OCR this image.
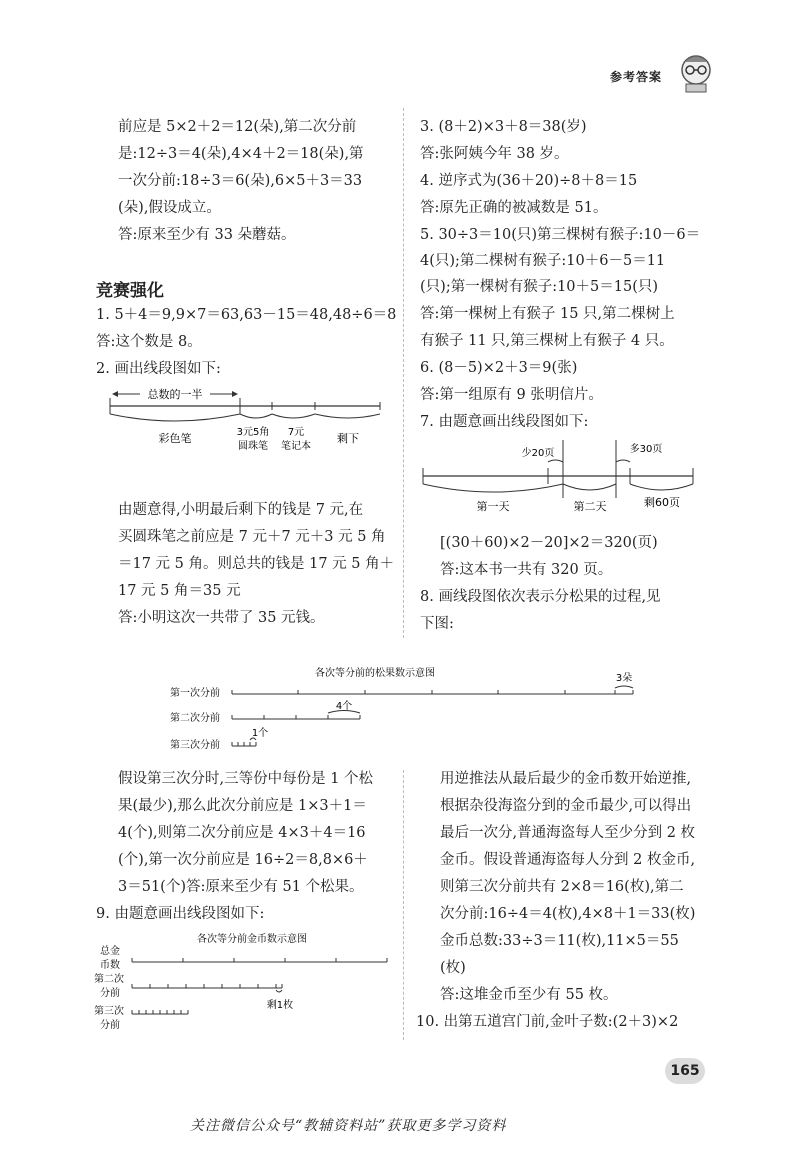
参考答案
前应是 5×2＋2＝12(朵),第二次分前
是:12÷3＝4(朵),4×4＋2＝18(朵),第
一次分前:18÷3＝6(朵),6×5＋3＝33
(朵),假设成立。
答:原来至少有 33 朵蘑菇。
竞赛强化
1. 5＋4＝9,9×7＝63,63－15＝48,48÷6＝8
答:这个数是 8。
2. 画出线段图如下:
总数的一半
彩色笔	3元5角
圆珠笔
7元
笔记本
剩下
由题意得,小明最后剩下的钱是 7 元,在
买圆珠笔之前应是 7 元＋7 元＋3 元 5 角
＝17 元 5 角。则总共的钱是 17 元 5 角＋
17 元 5 角＝35 元
答:小明这次一共带了 35 元钱。
3. (8＋2)×3＋8＝38(岁)
答:张阿姨今年 38 岁。
4. 逆序式为(36＋20)÷8＋8＝15
答:原先正确的被减数是 51。
5. 30÷3＝10(只)第三棵树有猴子:10－6＝
4(只);第二棵树有猴子:10＋6－5＝11
(只);第一棵树有猴子:10＋5＝15(只)
答:第一棵树上有猴子 15 只,第二棵树上
有猴子 11 只,第三棵树上有猴子 4 只。
6. (8－5)×2＋3＝9(张)
答:第一组原有 9 张明信片。
7. 由题意画出线段图如下:
少20页	多30页
第一天	第二天	剩60页
[(30＋60)×2－20]×2＝320(页)
答:这本书一共有 320 页。
8. 画线段图依次表示分松果的过程,见
下图:
各次等分前的松果数示意图
第一次分前
第二次分前
第三次分前
3朵
4个
1个
假设第三次分时,三等份中每份是 1 个松
果(最少),那么此次分前应是 1×3＋1＝
4(个),则第二次分前应是 4×3＋4＝16
(个),第一次分前应是 16÷2＝8,8×6＋
3＝51(个)答:原来至少有 51 个松果。
9. 由题意画出线段图如下:
各次等分前金币数示意图
总金
币数
第二次
分前
剩1枚
第三次
分前
用逆推法从最后最少的金币数开始逆推,
根据杂役海盗分到的金币最少,可以得出
最后一次分,普通海盗每人至少分到 2 枚
金币。假设普通海盗每人分到 2 枚金币,
则第三次分前共有 2×8＝16(枚),第二
次分前:16÷4＝4(枚),4×8＋1＝33(枚)
金币总数:33÷3＝11(枚),11×5＝55
(枚)
答:这堆金币至少有 55 枚。
10. 出第五道宫门前,金叶子数:(2＋3)×2
165
关注微信公众号“教辅资料站”获取更多学习资料
